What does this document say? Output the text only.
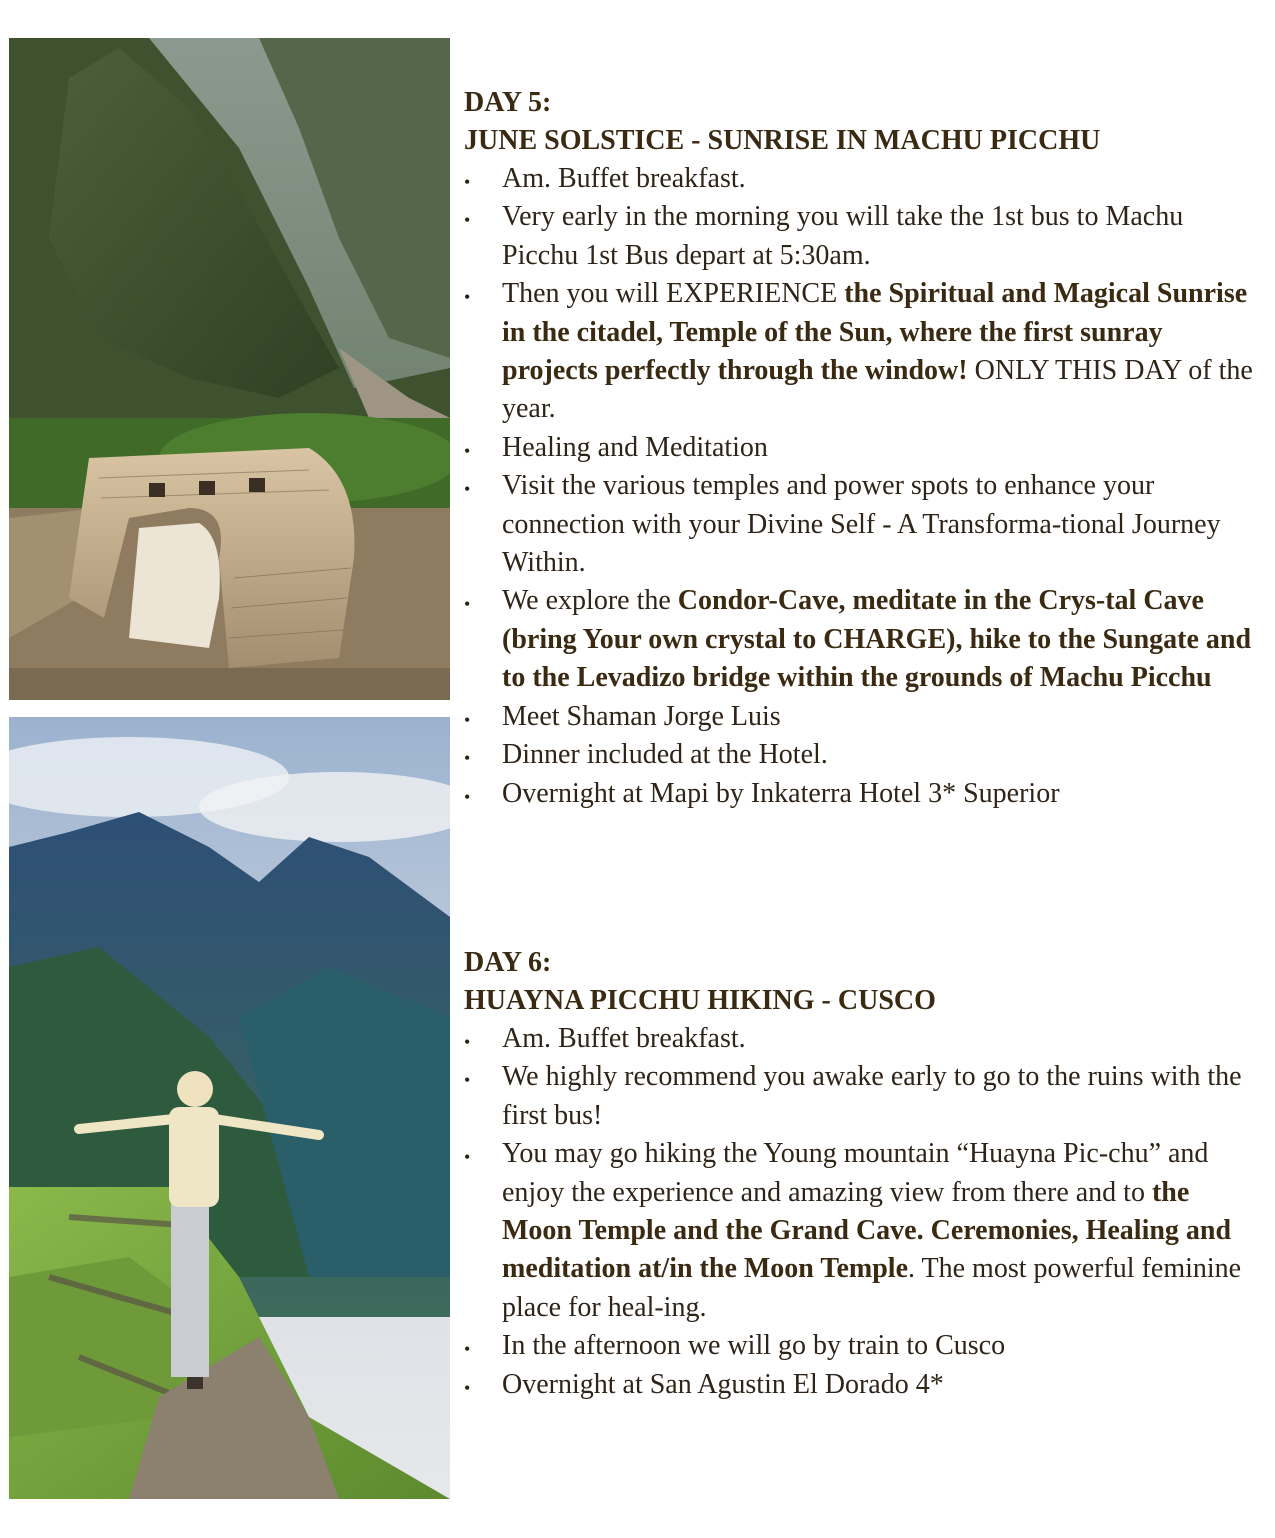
DAY 5:
JUNE SOLSTICE - SUNRISE IN MACHU PICCHU
• Am. Buffet breakfast.
• Very early in the morning you will take the 1st bus to Machu Picchu 1st Bus depart at 5:30am.
• Then you will EXPERIENCE the Spiritual and Magical Sunrise in the citadel, Temple of the Sun, where the first sunray projects perfectly through the window! ONLY THIS DAY of the year.
• Healing and Meditation
• Visit the various temples and power spots to enhance your connection with your Divine Self - A Transforma-tional Journey Within.
• We explore the Condor-Cave, meditate in the Crys-tal Cave (bring Your own crystal to CHARGE), hike to the Sungate and to the Levadizo bridge within the grounds of Machu Picchu
• Meet Shaman Jorge Luis
• Dinner included at the Hotel.
• Overnight at Mapi by Inkaterra Hotel 3* Superior
DAY 6:
HUAYNA PICCHU HIKING - CUSCO
• Am. Buffet breakfast.
• We highly recommend you awake early to go to the ruins with the first bus!
• You may go hiking the Young mountain “Huayna Pic-chu” and enjoy the experience and amazing view from there and to the Moon Temple and the Grand Cave. Ceremonies, Healing and meditation at/in the Moon Temple. The most powerful feminine place for heal-ing.
• In the afternoon we will go by train to Cusco
• Overnight at San Agustin El Dorado 4*
